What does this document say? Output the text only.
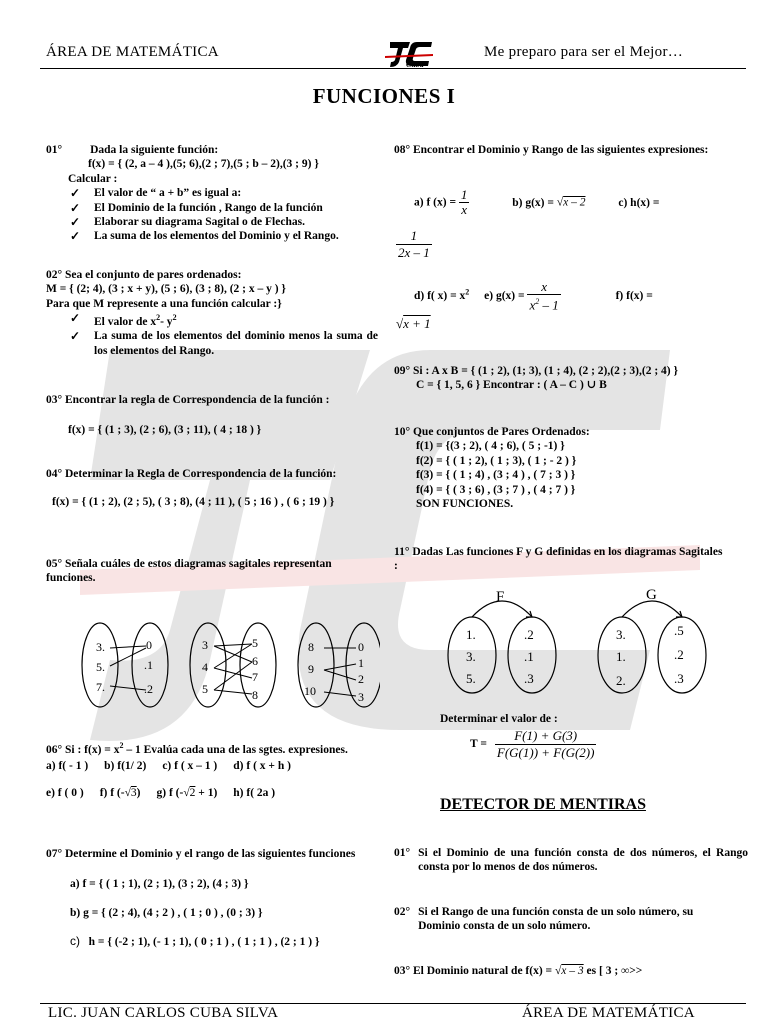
ÁREA DE MATEMÁTICA
Cuba
Me preparo para ser el Mejor…
FUNCIONES I
01° Dada la siguiente función:
f(x) = { (2, a – 4 ),(5; 6),(2 ; 7),(5 ; b – 2),(3 ; 9) }
Calcular :
✓ El valor de “ a + b” es igual a:
✓ El Dominio de la función , Rango de la función
✓ Elaborar su diagrama Sagital o de Flechas.
✓ La suma de los elementos del Dominio y el Rango.
02° Sea el conjunto de pares ordenados:
M = { (2; 4), (3 ; x + y), (5 ; 6), (3 ; 8), (2 ; x – y ) }
Para que M represente a una función calcular :}
✓ El valor de $x^2-$ $y^2$
✓ La suma de los elementos del dominio menos la suma de los elementos del Rango.
03° Encontrar la regla de Correspondencia de la función :
f(x) = { (1 ; 3), (2 ; 6), (3 ; 11), ( 4 ; 18 ) }
04° Determinar la Regla de Correspondencia de la función:
f(x) = { (1 ; 2), (2 ; 5), ( 3 ; 8), (4 ; 11 ), ( 5 ; 16 ) , ( 6 ; 19 ) }
05° Señala cuáles de estos diagramas sagitales representan funciones.
3.
5.
7.
0
.1
.2
3
4
5
5
6
7
8
8
9
10
0
1
2
3
06° Si : $f(x) = x^2 - 1$ Evalúa cada una de las sgtes. expresiones.
a) f( - 1 ) b) f(1/ 2) c) f ( x – 1 ) d) f ( x + h )
e) f ( 0 ) f) f (-√3) g) f (-√2 + 1) h) f( 2a )
07° Determine el Dominio y el rango de las siguientes funciones
a) f = { ( 1 ; 1), (2 ; 1), (3 ; 2), (4 ; 3) }
b) g = { (2 ; 4), (4 ; 2 ) , ( 1 ; 0 ) , (0 ; 3) }
c) h = { (-2 ; 1), (- 1 ; 1), ( 0 ; 1 ) , ( 1 ; 1 ) , (2 ; 1 ) }
08° Encontrar el Dominio y Rango de las siguientes expresiones:
a) f $(x) = \frac{1}{x}$	b) g(x) = √x – 2	c) h(x) =
$\frac{1}{2x - 1}$
d) f( $x) = x^2$ e) $g(x) = \frac{x}{x^2 - 1}$	f) f(x) =
√x + 1
09° Si : A x B = { (1 ; 2), (1; 3), (1 ; 4), (2 ; 2),(2 ; 3),(2 ; 4) }
C = { 1, 5, 6 } Encontrar : ( A – C ) ∪ B
10° Que conjuntos de Pares Ordenados:
f(1) = {(3 ; 2), ( 4 ; 6), ( 5 ; -1) }
f(2) = { ( 1 ; 2), ( 1 ; 3), ( 1 ; - 2 ) }
f(3) = { ( 1 ; 4) , (3 ; 4 ) , ( 7 ; 3 ) }
f(4) = { ( 3 ; 6) , (3 ; 7 ) , ( 4 ; 7 ) }
SON FUNCIONES.
11° Dadas Las funciones F y G definidas en los diagramas Sagitales :
F
1.
3.
5.
.2
.1
.3
G
3.
1.
2.
.5
.2
.3
Determinar el valor de :
$T = \frac{F(1) + G(3)}{F(G(1)) + F(G(2))}$
DETECTOR DE MENTIRAS
01° Si el Dominio de una función consta de dos números, el Rango consta por lo menos de dos números.
02° Si el Rango de una función consta de un solo número, su Dominio consta de un solo número.
03° El Dominio natural de f(x) = √x – 3 es [ 3 ; ∞>>
LIC. JUAN CARLOS CUBA SILVA	ÁREA DE MATEMÁTICA
